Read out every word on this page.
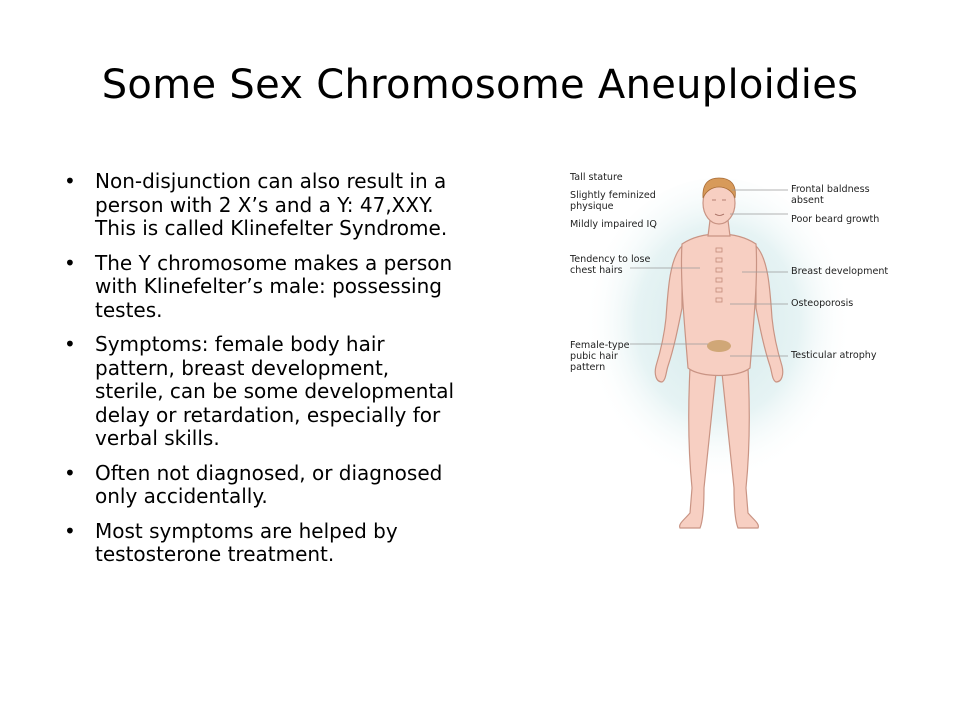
Some Sex Chromosome Aneuploidies
• Non-disjunction can also result in a person with 2 X’s and a Y: 47,XXY. This is called Klinefelter Syndrome.
• The Y chromosome makes a person with Klinefelter’s male: possessing testes.
• Symptoms: female body hair pattern, breast development, sterile, can be some developmental delay or retardation, especially for verbal skills.
• Often not diagnosed, or diagnosed only accidentally.
• Most symptoms are helped by testosterone treatment.
Tall stature
Slightly feminized
physique
Mildly impaired IQ
Tendency to lose
chest hairs
Female-type
pubic hair
pattern
Frontal baldness
absent
Poor beard growth
Breast development
Osteoporosis
Testicular atrophy
